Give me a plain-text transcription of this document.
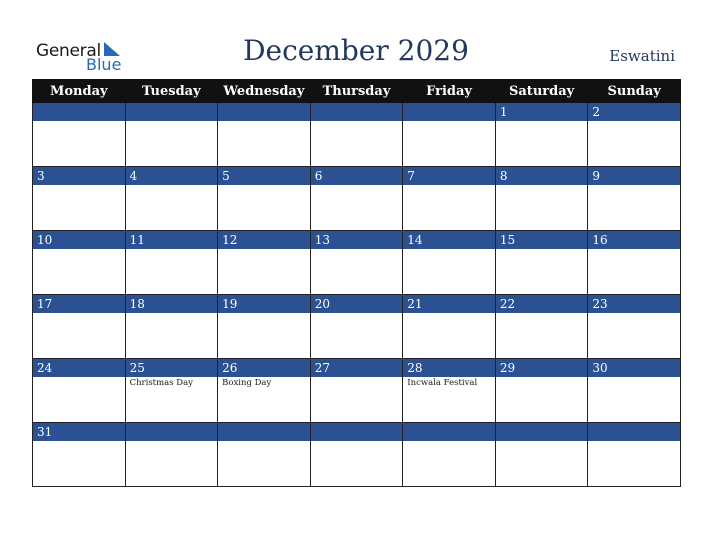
General
Blue	December 2029	Eswatini
Monday	Tuesday	Wednesday	Thursday	Friday	Saturday	Sunday

					1	2

3	4	5	6	7	8	9

10	11	12	13	14	15	16

17	18	19	20	21	22	23

24	25	26	27	28	29	30

	Christmas Day	Boxing Day		Incwala Festival		

31						
